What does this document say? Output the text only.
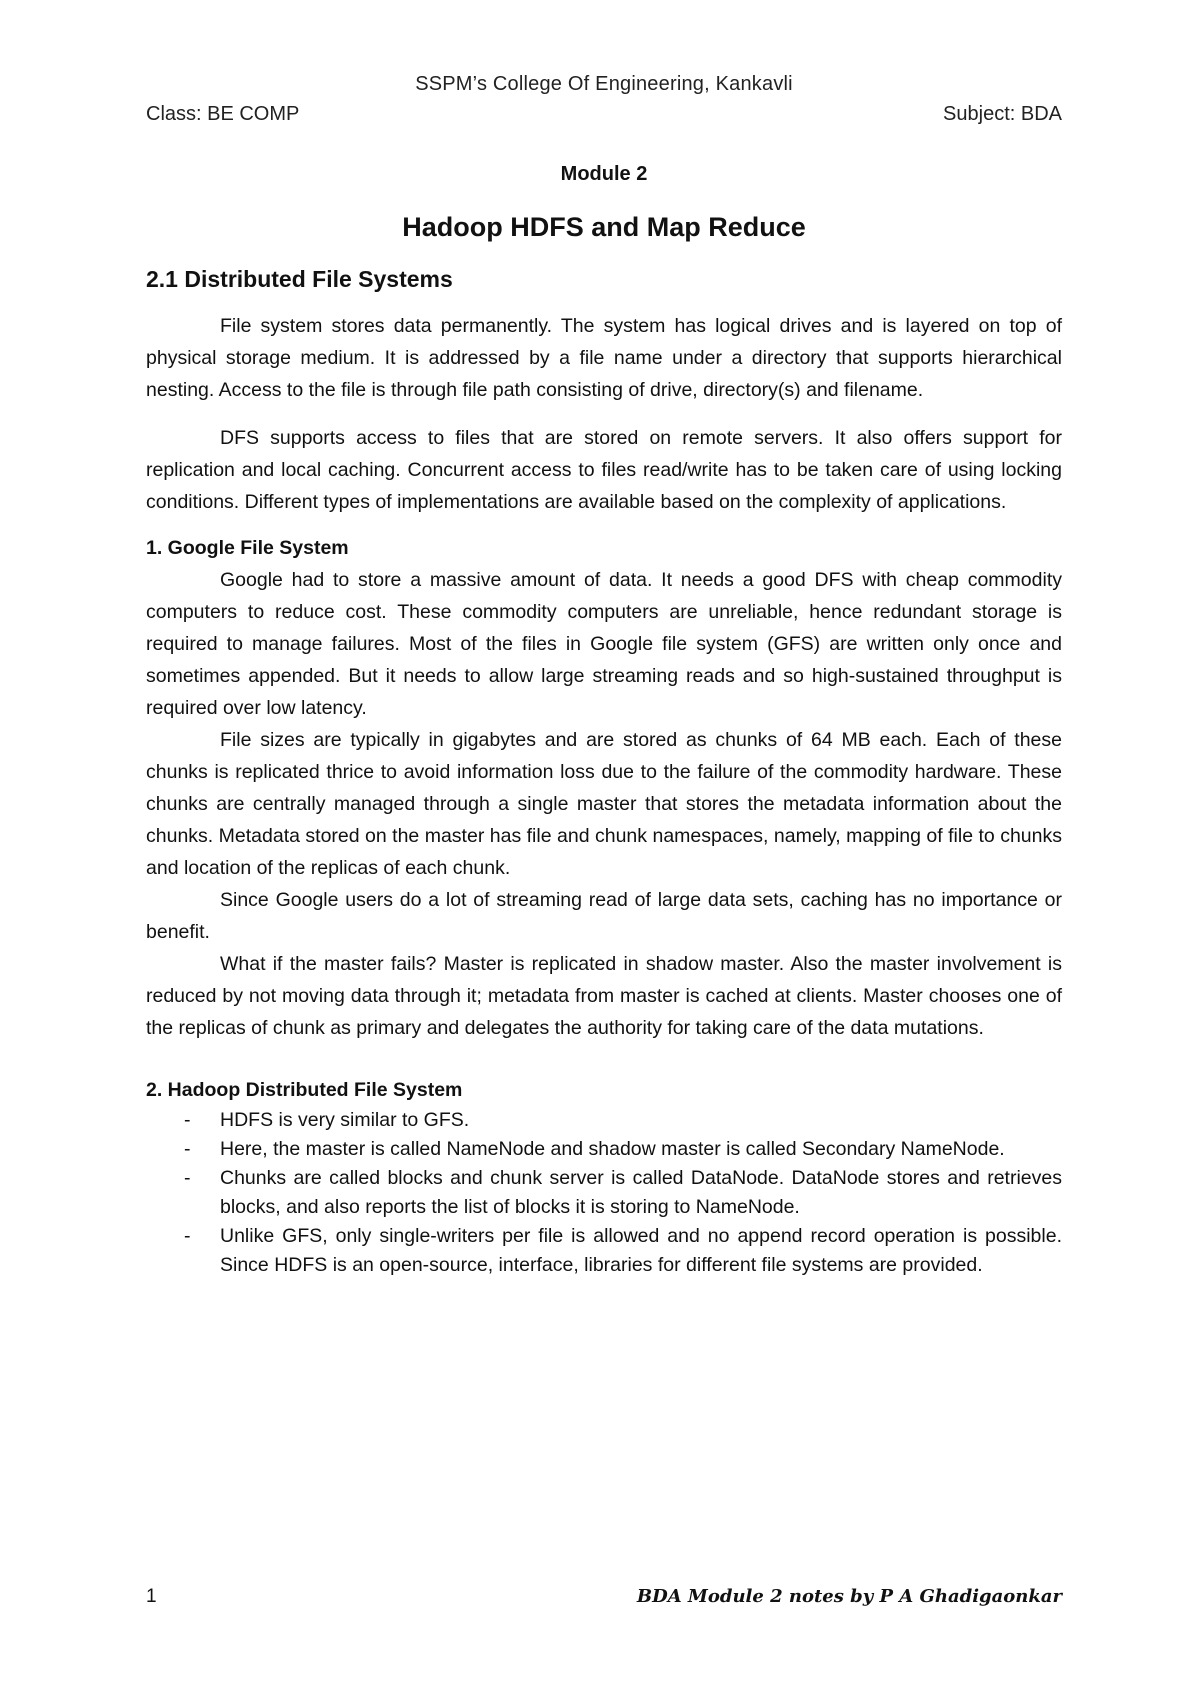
SSPM’s College Of Engineering, Kankavli
Class: BE COMP	Subject: BDA
Module 2
Hadoop HDFS and Map Reduce
2.1 Distributed File Systems

File system stores data permanently. The system has logical drives and is layered on top of physical storage medium. It is addressed by a file name under a directory that supports hierarchical nesting. Access to the file is through file path consisting of drive, directory(s) and filename.

DFS supports access to files that are stored on remote servers. It also offers support for replication and local caching. Concurrent access to files read/write has to be taken care of using locking conditions. Different types of implementations are available based on the complexity of applications.

1. Google File System

Google had to store a massive amount of data. It needs a good DFS with cheap commodity computers to reduce cost. These commodity computers are unreliable, hence redundant storage is required to manage failures. Most of the files in Google file system (GFS) are written only once and sometimes appended. But it needs to allow large streaming reads and so high-sustained throughput is required over low latency.

File sizes are typically in gigabytes and are stored as chunks of 64 MB each. Each of these chunks is replicated thrice to avoid information loss due to the failure of the commodity hardware. These chunks are centrally managed through a single master that stores the metadata information about the chunks. Metadata stored on the master has file and chunk namespaces, namely, mapping of file to chunks and location of the replicas of each chunk.

Since Google users do a lot of streaming read of large data sets, caching has no importance or benefit.

What if the master fails? Master is replicated in shadow master. Also the master involvement is reduced by not moving data through it; metadata from master is cached at clients. Master chooses one of the replicas of chunk as primary and delegates the authority for taking care of the data mutations.

2. Hadoop Distributed File System
- HDFS is very similar to GFS.
- Here, the master is called NameNode and shadow master is called Secondary NameNode.
- Chunks are called blocks and chunk server is called DataNode. DataNode stores and retrieves blocks, and also reports the list of blocks it is storing to NameNode.
- Unlike GFS, only single-writers per file is allowed and no append record operation is possible. Since HDFS is an open-source, interface, libraries for different file systems are provided.
1	BDA Module 2 notes by P A Ghadigaonkar
